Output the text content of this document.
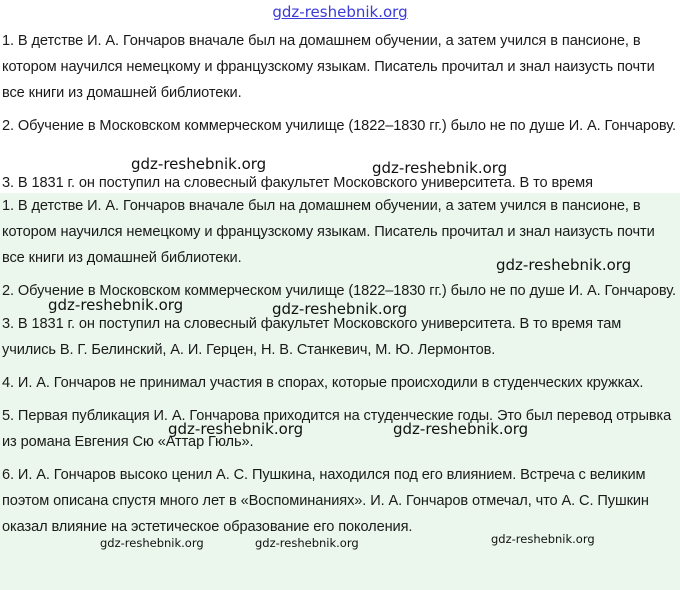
gdz-reshebnik.org

1. В детстве И. А. Гончаров вначале был на домашнем обучении, а затем учился в пансионе, в котором научился немецкому и французскому языкам. Писатель прочитал и знал наизусть почти все книги из домашней библиотеки.

2. Обучение в Московском коммерческом училище (1822–1830 гг.) было не по душе И. А. Гончарову.

3. В 1831 г. он поступил на словесный факультет Московского университета. В то время

1. В детстве И. А. Гончаров вначале был на домашнем обучении, а затем учился в пансионе, в котором научился немецкому и французскому языкам. Писатель прочитал и знал наизусть почти все книги из домашней библиотеки.

2. Обучение в Московском коммерческом училище (1822–1830 гг.) было не по душе И. А. Гончарову.

3. В 1831 г. он поступил на словесный факультет Московского университета. В то время там учились В. Г. Белинский, А. И. Герцен, Н. В. Станкевич, М. Ю. Лермонтов.

4. И. А. Гончаров не принимал участия в спорах, которые происходили в студенческих кружках.

5. Первая публикация И. А. Гончарова приходится на студенческие годы. Это был перевод отрывка из романа Евгения Сю «Аттар Гюль».

6. И. А. Гончаров высоко ценил А. С. Пушкина, находился под его влиянием. Встреча с великим поэтом описана спустя много лет в «Воспоминаниях». И. А. Гончаров отмечал, что А. С. Пушкин оказал влияние на эстетическое образование его поколения.

gdz-reshebnik.org	gdz-reshebnik.org
gdz-reshebnik.org
gdz-reshebnik.org	gdz-reshebnik.org
gdz-reshebnik.org	gdz-reshebnik.org
gdz-reshebnik.org	gdz-reshebnik.org	gdz-reshebnik.org
